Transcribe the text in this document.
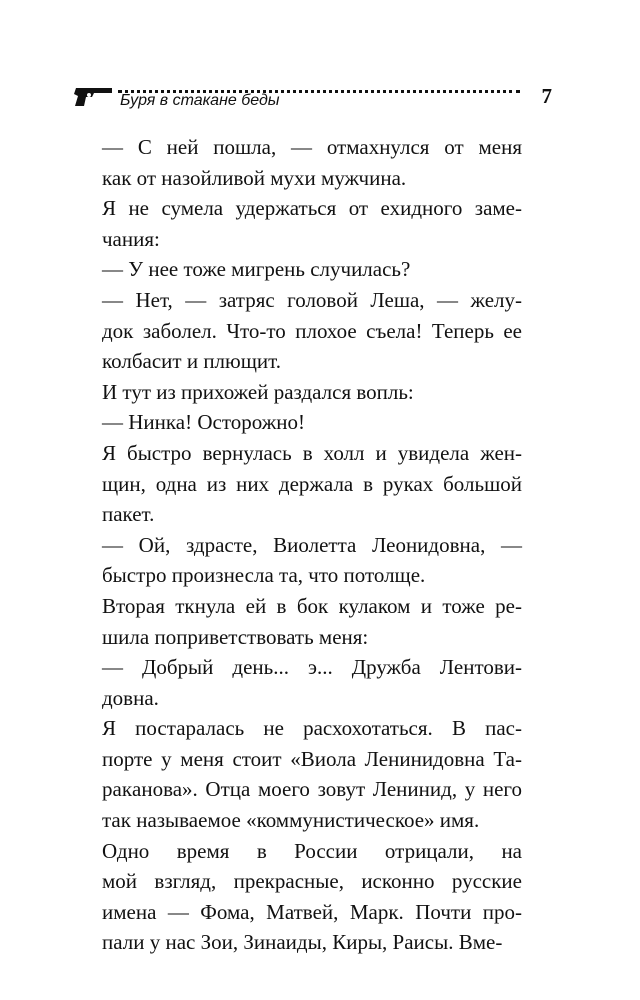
Буря в стакане беды	7

— С ней пошла, — отмахнулся от меня
как от назойливой мухи мужчина.

Я не сумела удержаться от ехидного заме-
чания:

— У нее тоже мигрень случилась?

— Нет, — затряс головой Леша, — желу-
док заболел. Что-то плохое съела! Теперь ее
колбасит и плющит.

И тут из прихожей раздался вопль:

— Нинка! Осторожно!

Я быстро вернулась в холл и увидела жен-
щин, одна из них держала в руках большой
пакет.

— Ой, здрасте, Виолетта Леонидовна, —
быстро произнесла та, что потолще.

Вторая ткнула ей в бок кулаком и тоже ре-
шила поприветствовать меня:

— Добрый день... э... Дружба Лентови-
довна.

Я постаралась не расхохотаться. В пас-
порте у меня стоит «Виола Ленинидовна Та-
ракaнова». Отца моего зовут Ленинид, у него
так называемое «коммунистическое» имя.

Одно время в России отрицали, на
мой взгляд, прекрасные, исконно русские
имена — Фома, Матвей, Марк. Почти про-
пали у нас Зои, Зинаиды, Киры, Раисы. Вме-
